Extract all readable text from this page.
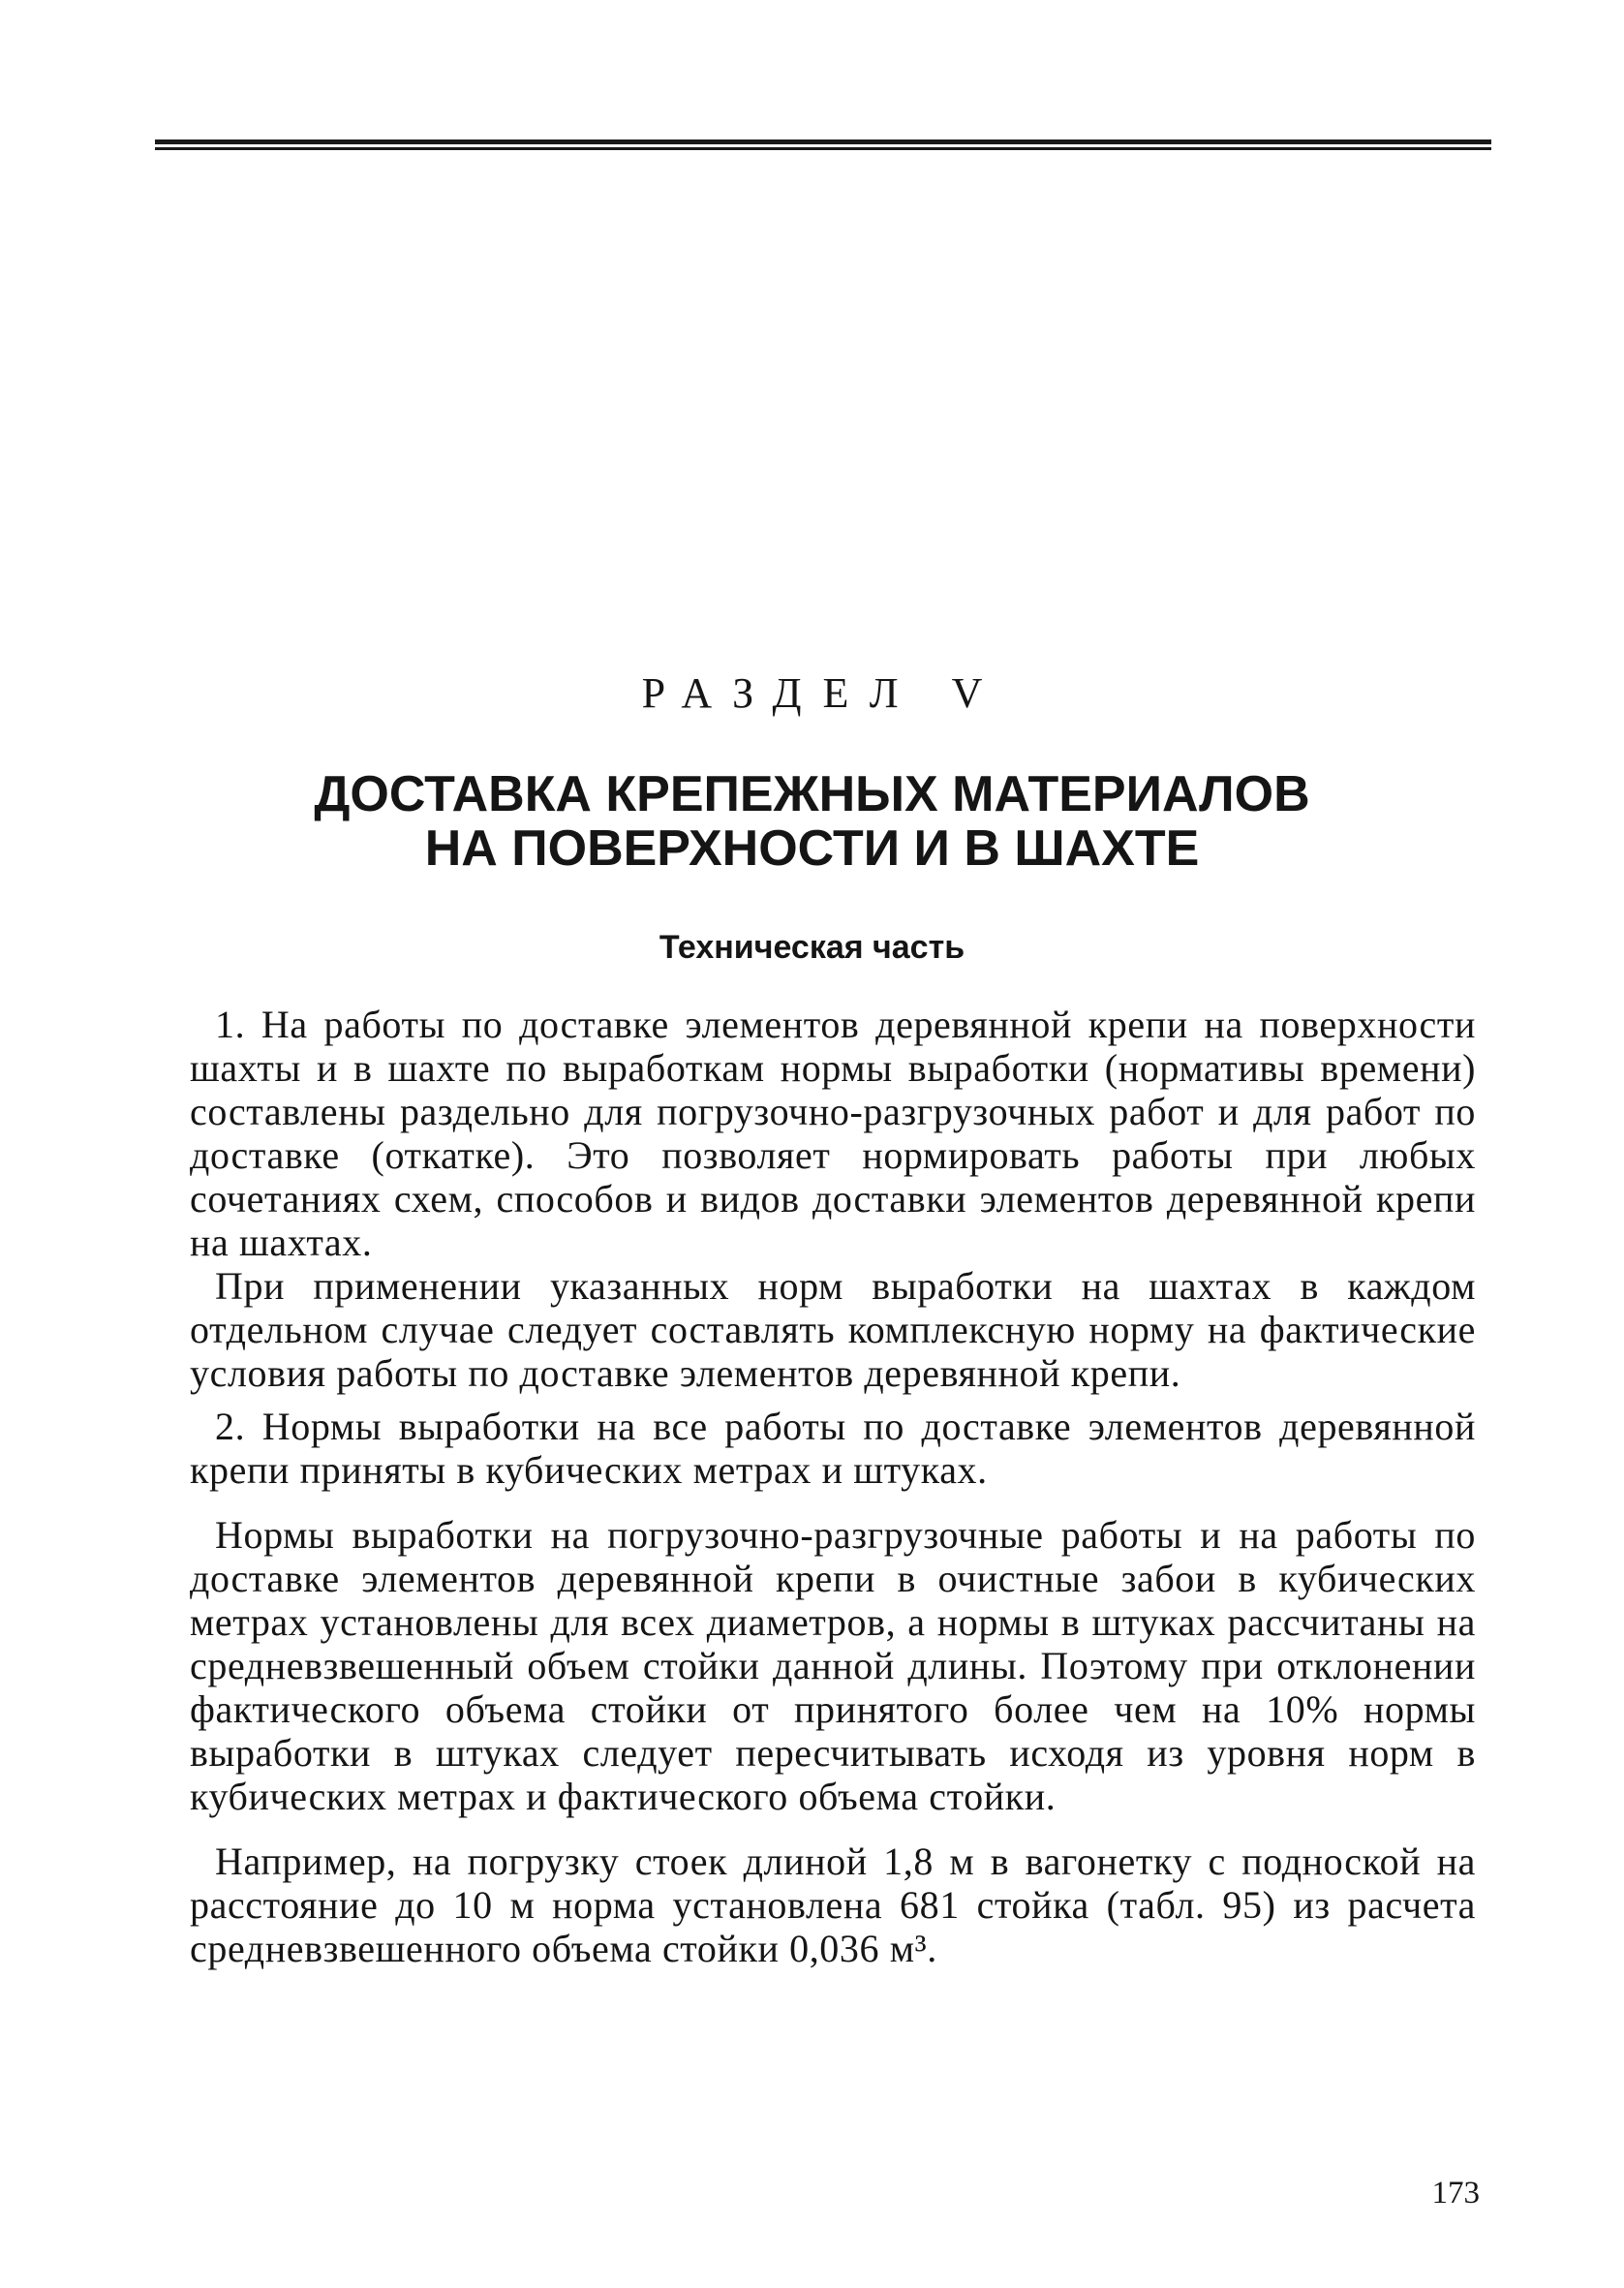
РАЗДЕЛ V
ДОСТАВКА КРЕПЕЖНЫХ МАТЕРИАЛОВ
НА ПОВЕРХНОСТИ И В ШАХТЕ
Техническая часть

1. На работы по доставке элементов деревянной крепи на поверхности шахты и в шахте по выработкам нормы выработки (нормативы времени) составлены раздельно для погрузочно-разгрузочных работ и для работ по доставке (откатке). Это позволяет нормировать работы при любых сочетаниях схем, способов и видов доставки элементов деревянной крепи на шахтах.

При применении указанных норм выработки на шахтах в каждом отдельном случае следует составлять комплексную норму на фактические условия работы по доставке элементов деревянной крепи.

2. Нормы выработки на все работы по доставке элементов деревянной крепи приняты в кубических метрах и штуках.

Нормы выработки на погрузочно-разгрузочные работы и на работы по доставке элементов деревянной крепи в очистные забои в кубических метрах установлены для всех диаметров, а нормы в штуках рассчитаны на средневзвешенный объем стойки данной длины. Поэтому при отклонении фактического объема стойки от принятого более чем на 10% нормы выработки в штуках следует пересчитывать исходя из уровня норм в кубических метрах и фактического объема стойки.

Например, на погрузку стоек длиной 1,8 м в вагонетку с подноской на расстояние до 10 м норма установлена 681 стойка (табл. 95) из расчета средневзвешенного объема стойки 0,036 м³.

173
